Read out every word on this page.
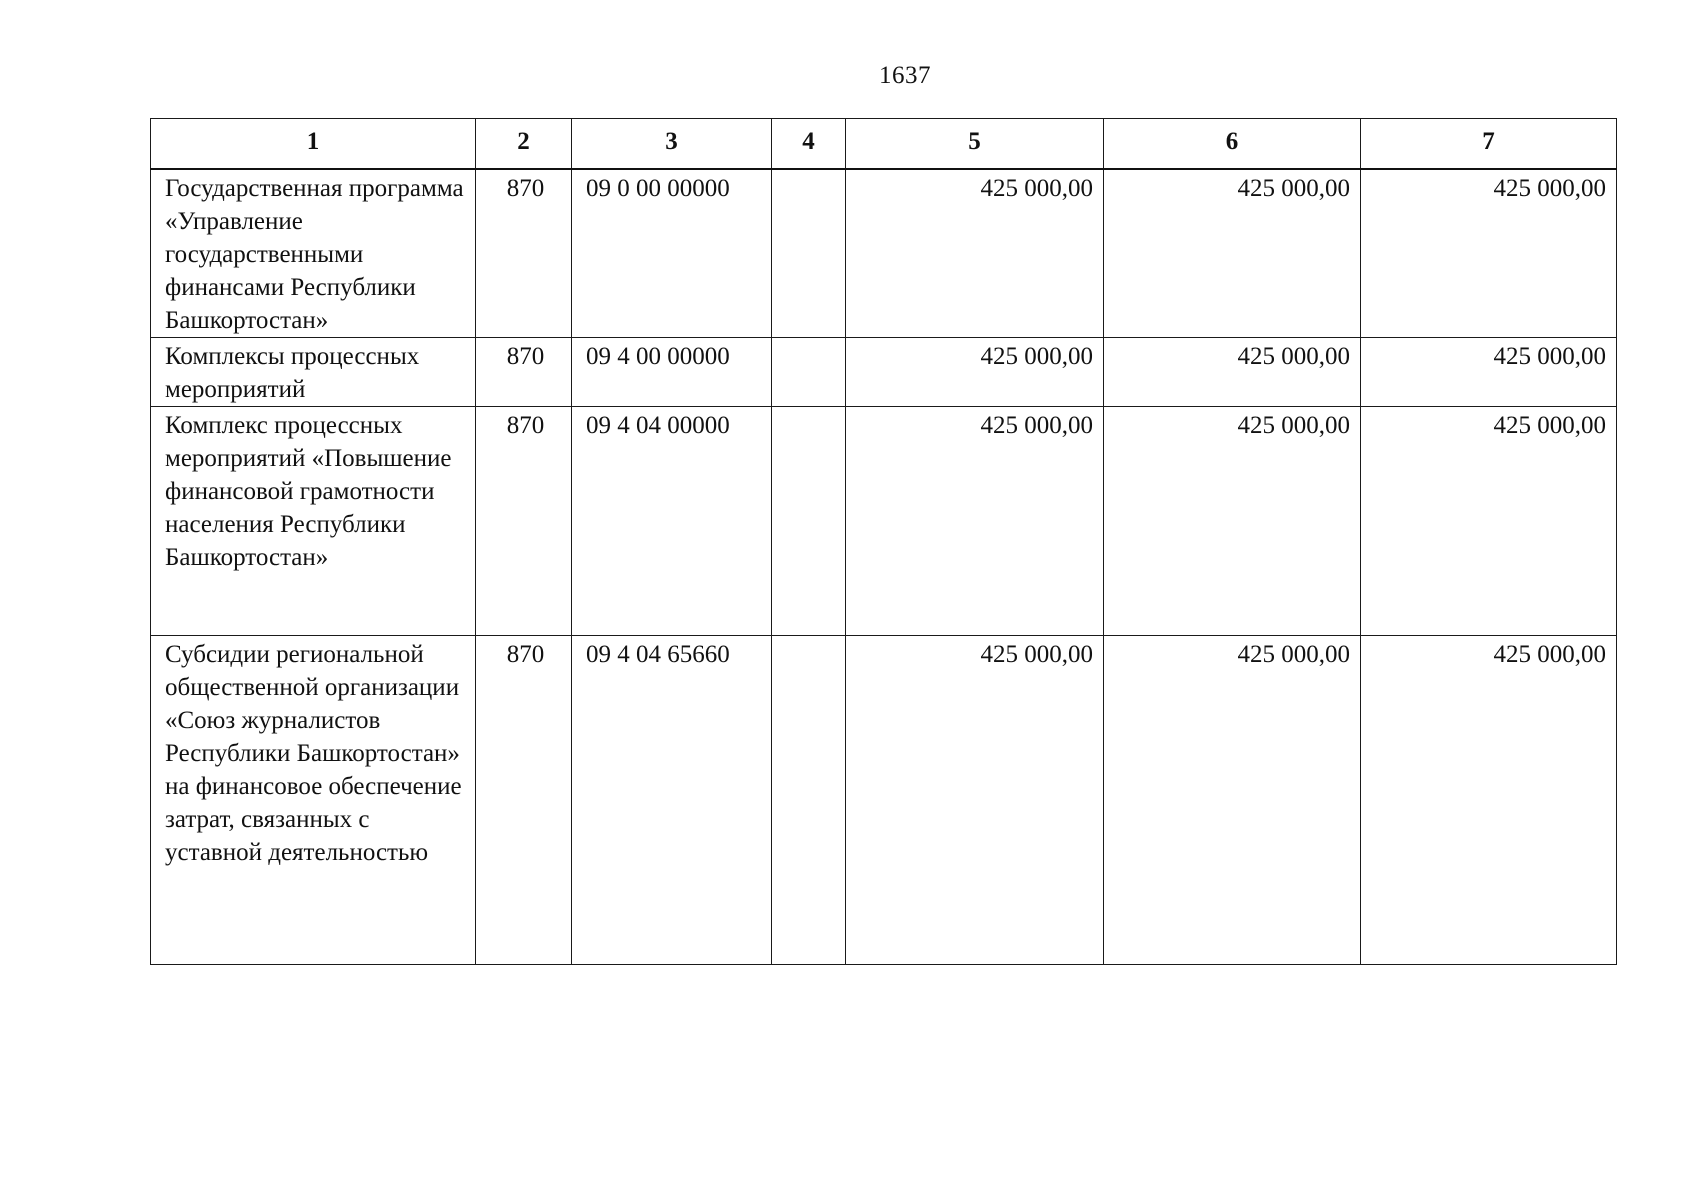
1637
1	2	3	4	5	6	7
Государственная программа «Управление государственными финансами Республики Башкортостан»	870	09 0 00 00000		425 000,00	425 000,00	425 000,00
Комплексы процессных мероприятий	870	09 4 00 00000		425 000,00	425 000,00	425 000,00
Комплекс процессных мероприятий «Повышение финансовой грамотности населения Республики Башкортостан»	870	09 4 04 00000		425 000,00	425 000,00	425 000,00
Субсидии региональной общественной организации «Союз журналистов Республики Башкортостан» на финансовое обеспечение затрат, связанных с уставной деятельностью	870	09 4 04 65660		425 000,00	425 000,00	425 000,00
